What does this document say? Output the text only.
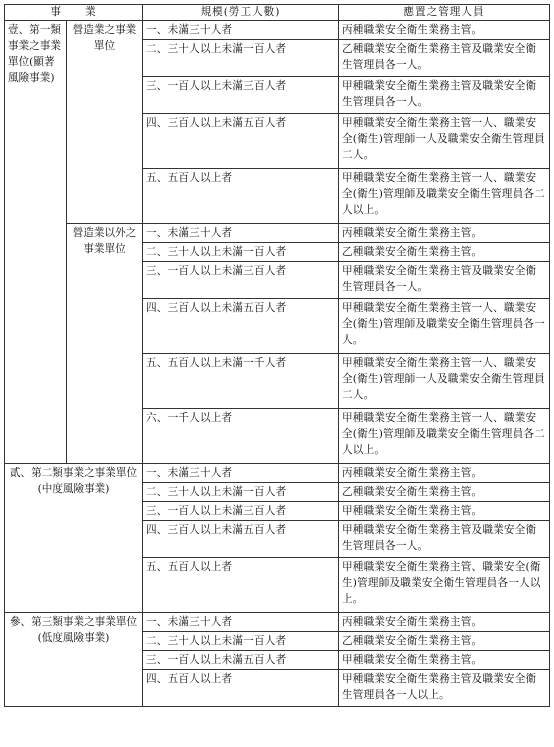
事　　業		規模(勞工人數)	應置之管理人員
壹、第一類事業之事業單位(顯著風險事業)	營造業之事業單位	一、未滿三十人者	丙種職業安全衛生業務主管。
		二、三十人以上未滿一百人者	乙種職業安全衛生業務主管及職業安全衛生管理員各一人。
		三、一百人以上未滿三百人者	甲種職業安全衛生業務主管及職業安全衛生管理員各一人。
		四、三百人以上未滿五百人者	甲種職業安全衛生業務主管一人、職業安全(衛生)管理師一人及職業安全衛生管理員二人。
		五、五百人以上者	甲種職業安全衛生業務主管一人、職業安全(衛生)管理師及職業安全衛生管理員各二人以上。
	營造業以外之事業單位	一、未滿三十人者	丙種職業安全衛生業務主管。
		二、三十人以上未滿一百人者	乙種職業安全衛生業務主管。
		三、一百人以上未滿三百人者	甲種職業安全衛生業務主管及職業安全衛生管理員各一人。
		四、三百人以上未滿五百人者	甲種職業安全衛生業務主管一人、職業安全(衛生)管理師及職業安全衛生管理員各一人。
		五、五百人以上未滿一千人者	甲種職業安全衛生業務主管一人、職業安全(衛生)管理師一人及職業安全衛生管理員二人。
		六、一千人以上者	甲種職業安全衛生業務主管一人、職業安全(衛生)管理師及職業安全衛生管理員各二人以上。
貳、第二類事業之事業單位(中度風險事業)		一、未滿三十人者	丙種職業安全衛生業務主管。
		二、三十人以上未滿一百人者	乙種職業安全衛生業務主管。
		三、一百人以上未滿三百人者	甲種職業安全衛生業務主管。
		四、三百人以上未滿五百人者	甲種職業安全衛生業務主管及職業安全衛生管理員各一人。
		五、五百人以上者	甲種職業安全衛生業務主管、職業安全(衛生)管理師及職業安全衛生管理員各一人以上。
參、第三類事業之事業單位(低度風險事業)		一、未滿三十人者	丙種職業安全衛生業務主管。
		二、三十人以上未滿一百人者	乙種職業安全衛生業務主管。
		三、一百人以上未滿五百人者	甲種職業安全衛生業務主管。
		四、五百人以上者	甲種職業安全衛生業務主管及職業安全衛生管理員各一人以上。
